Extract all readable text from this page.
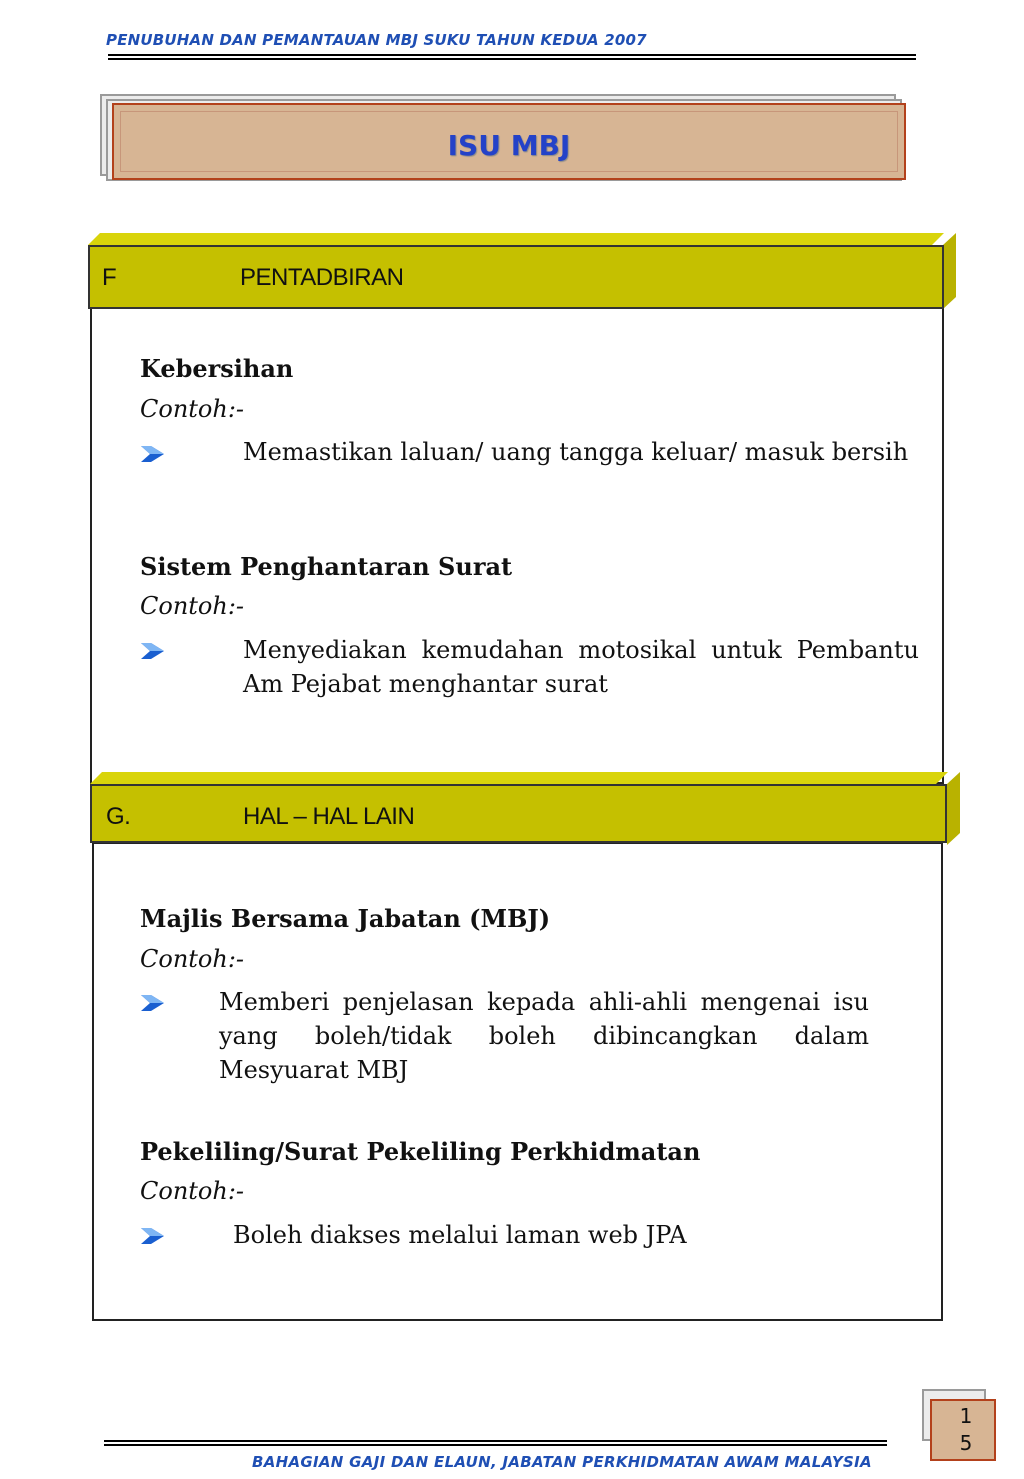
PENUBUHAN DAN PEMANTAUAN MBJ SUKU TAHUN KEDUA 2007
ISU MBJ
F	PENTADBIRAN
Kebersihan
Contoh:-
Memastikan laluan/ uang tangga keluar/ masuk bersih
Sistem Penghantaran Surat
Contoh:-
Menyediakan kemudahan motosikal untuk Pembantu Am Pejabat menghantar surat
G.	HAL – HAL LAIN
Majlis Bersama Jabatan (MBJ)
Contoh:-
Memberi penjelasan kepada ahli-ahli mengenai isu yang boleh/tidak boleh dibincangkan dalam Mesyuarat MBJ
Pekeliling/Surat Pekeliling Perkhidmatan
Contoh:-
Boleh diakses melalui laman web JPA
15
BAHAGIAN GAJI DAN ELAUN, JABATAN PERKHIDMATAN AWAM MALAYSIA
